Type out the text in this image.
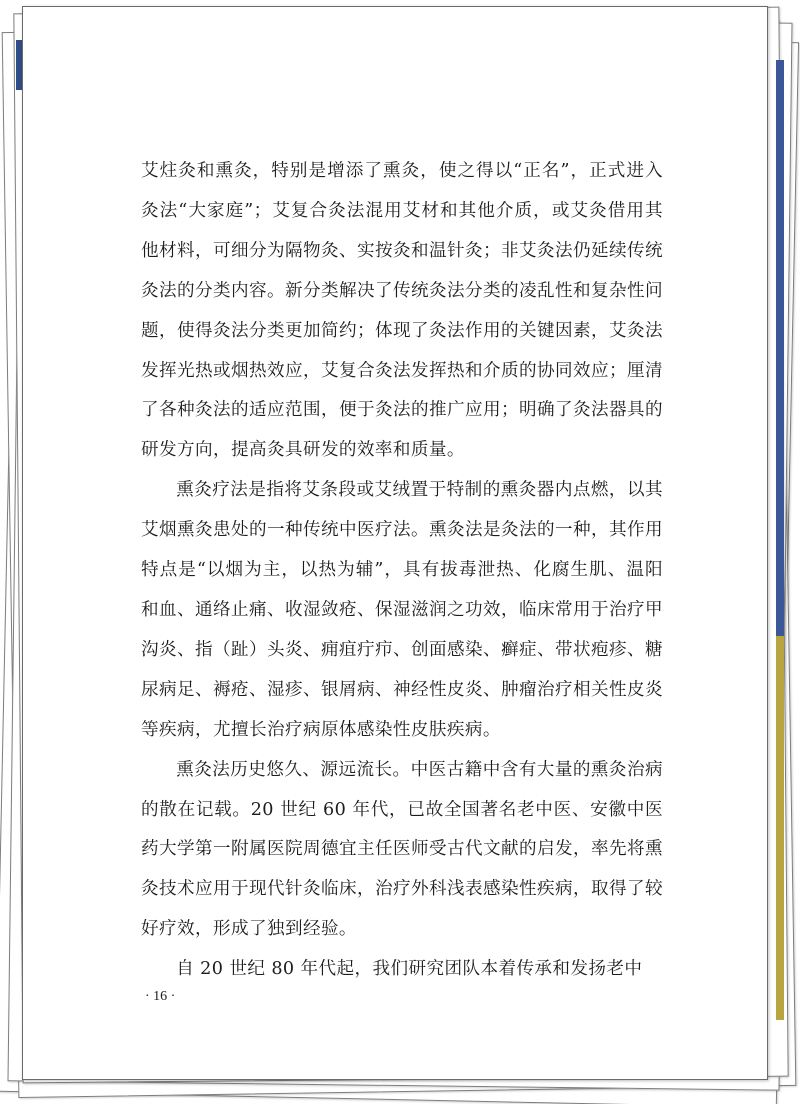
艾炷灸和熏灸，特别是增添了熏灸，使之得以“正名”，正式进入灸法“大家庭”；艾复合灸法混用艾材和其他介质，或艾灸借用其他材料，可细分为隔物灸、实按灸和温针灸；非艾灸法仍延续传统灸法的分类内容。新分类解决了传统灸法分类的凌乱性和复杂性问题，使得灸法分类更加简约；体现了灸法作用的关键因素，艾灸法发挥光热或烟热效应，艾复合灸法发挥热和介质的协同效应；厘清了各种灸法的适应范围，便于灸法的推广应用；明确了灸法器具的研发方向，提高灸具研发的效率和质量。

熏灸疗法是指将艾条段或艾绒置于特制的熏灸器内点燃，以其艾烟熏灸患处的一种传统中医疗法。熏灸法是灸法的一种，其作用特点是“以烟为主，以热为辅”，具有拔毒泄热、化腐生肌、温阳和血、通络止痛、收湿敛疮、保湿滋润之功效，临床常用于治疗甲沟炎、指（趾）头炎、痈疽疔疖、创面感染、癣症、带状疱疹、糖尿病足、褥疮、湿疹、银屑病、神经性皮炎、肿瘤治疗相关性皮炎等疾病，尤擅长治疗病原体感染性皮肤疾病。

熏灸法历史悠久、源远流长。中医古籍中含有大量的熏灸治病的散在记载。20 世纪 60 年代，已故全国著名老中医、安徽中医药大学第一附属医院周德宜主任医师受古代文献的启发，率先将熏灸技术应用于现代针灸临床，治疗外科浅表感染性疾病，取得了较好疗效，形成了独到经验。

自 20 世纪 80 年代起，我们研究团队本着传承和发扬老中

· 16 ·
